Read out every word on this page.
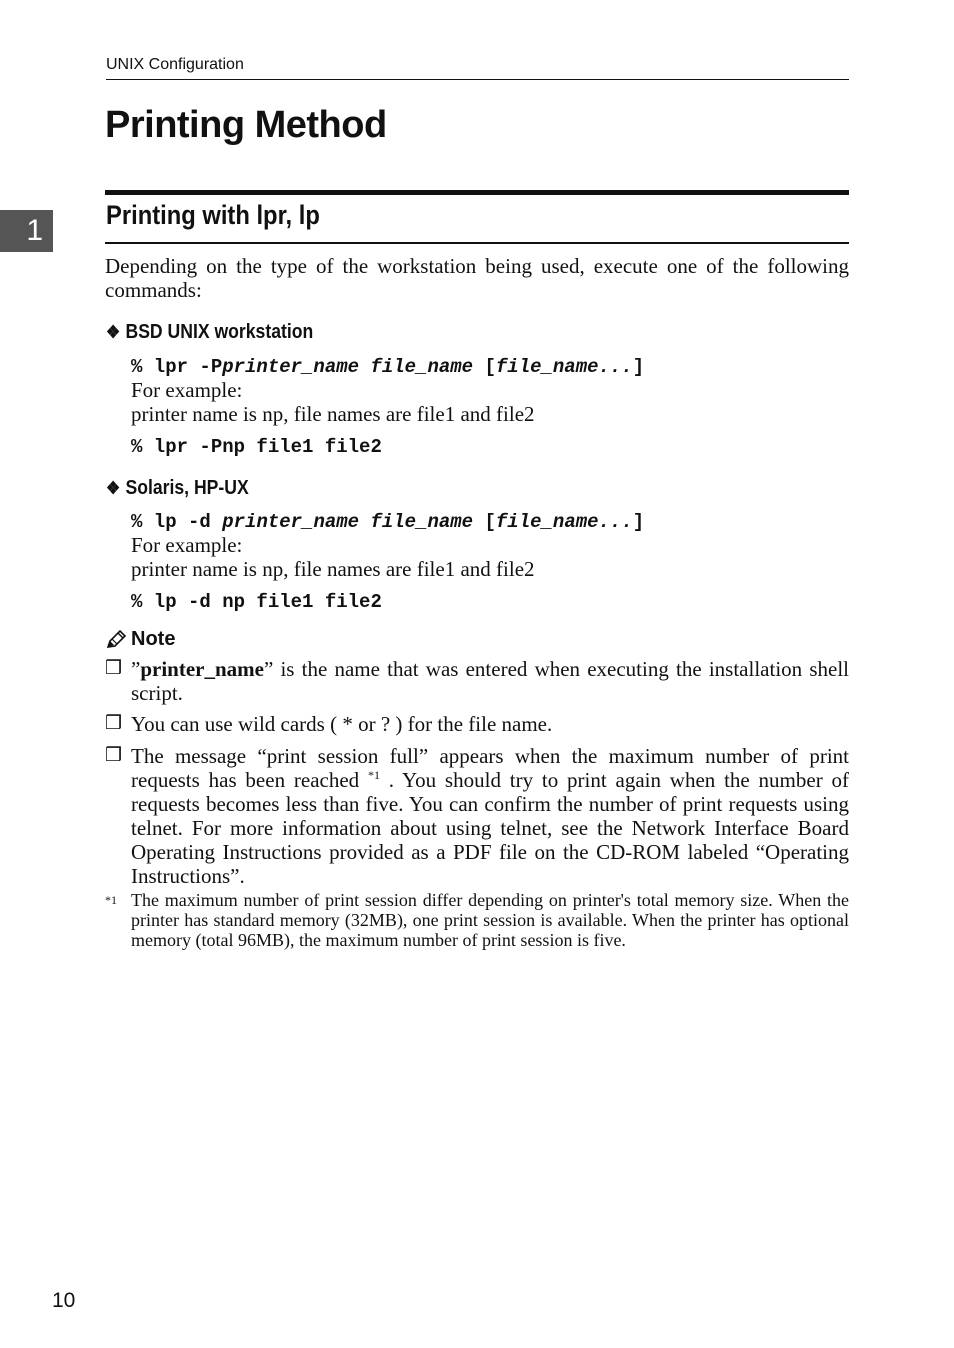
UNIX Configuration
Printing Method
1	Printing with lpr, lp
Depending on the type of the workstation being used, execute one of the following commands:
❖ BSD UNIX workstation
% lpr -Pprinter_name file_name [file_name...]
For example:
printer name is np, file names are file1 and file2
% lpr -Pnp file1 file2
❖ Solaris, HP-UX
% lp -d printer_name file_name [file_name...]
For example:
printer name is np, file names are file1 and file2
% lp -d np file1 file2
Note
❒ ”printer_name” is the name that was entered when executing the installation shell script.
❒ You can use wild cards ( * or ? ) for the file name.
❒ The message “print session full” appears when the maximum number of print requests has been reached $^{*1}$ . You should try to print again when the number of requests becomes less than five. You can confirm the number of print requests using telnet. For more information about using telnet, see the Network Interface Board Operating Instructions provided as a PDF file on the CD-ROM labeled “Operating Instructions”.
*1 The maximum number of print session differ depending on printer's total memory size. When the printer has standard memory (32MB), one print session is available. When the printer has optional memory (total 96MB), the maximum number of print session is five.
10
